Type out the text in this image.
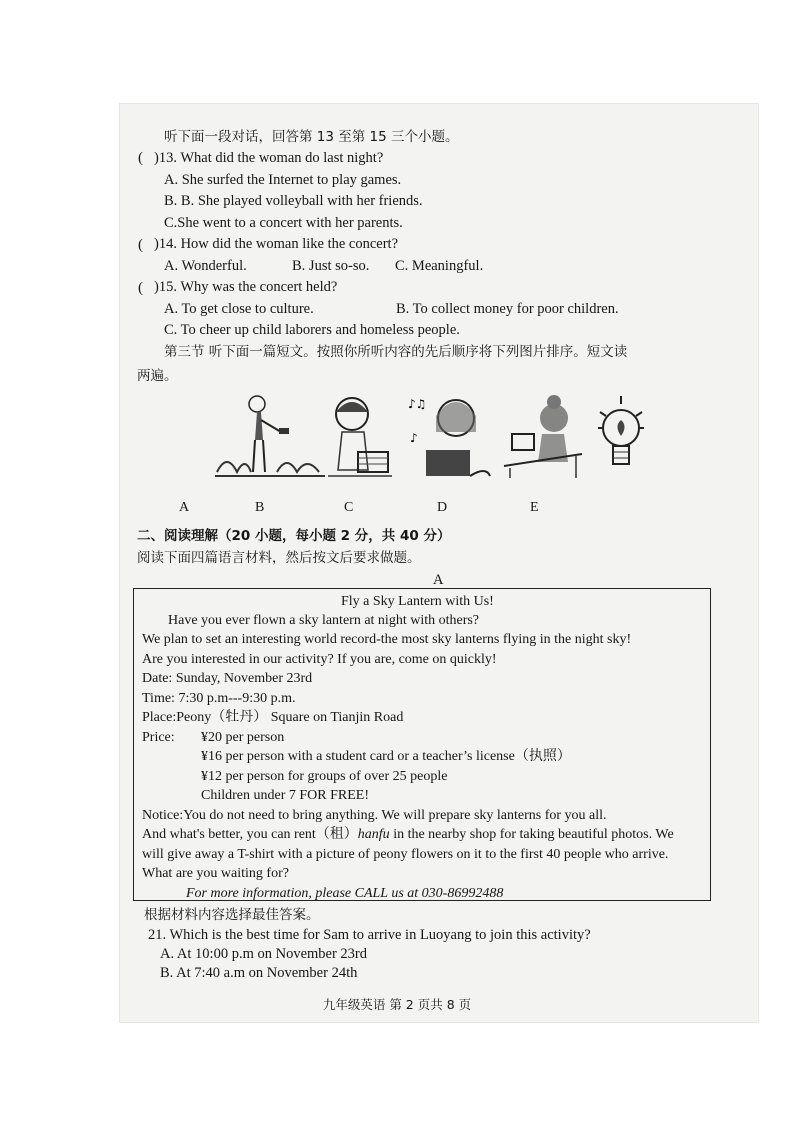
听下面一段对话，回答第 13 至第 15 三个小题。
( )13. What did the woman do last night?
A. She surfed the Internet to play games.
B. B. She played volleyball with her friends.
C.She went to a concert with her parents.
( )14. How did the woman like the concert?
A. Wonderful.	B. Just so-so. C. Meaningful.
( )15. Why was the concert held?
A. To get close to culture.	B. To collect money for poor children.
C. To cheer up child laborers and homeless people.
第三节 听下面一篇短文。按照你所听内容的先后顺序将下列图片排序。短文读
两遍。
♪♫
♪
A	B	C	D	E
二、阅读理解（20 小题，每小题 2 分，共 40 分）
阅读下面四篇语言材料，然后按文后要求做题。
A
Fly a Sky Lantern with Us!
Have you ever flown a sky lantern at night with others?
We plan to set an interesting world record-the most sky lanterns flying in the night sky!
Are you interested in our activity? If you are, come on quickly!
Date: Sunday, November 23rd
Time: 7:30 p.m---9:30 p.m.
Place:Peony（牡丹） Square on Tianjin Road
Price: ¥20 per person
¥16 per person with a student card or a teacher’s license（执照）
¥12 per person for groups of over 25 people
Children under 7 FOR FREE!
Notice:You do not need to bring anything. We will prepare sky lanterns for you all.
And what's better, you can rent（租）hanfu in the nearby shop for taking beautiful photos. We
will give away a T-shirt with a picture of peony flowers on it to the first 40 people who arrive.
What are you waiting for?
For more information, please CALL us at 030-86992488
根据材料内容选择最佳答案。
21. Which is the best time for Sam to arrive in Luoyang to join this activity?
A. At 10:00 p.m on November 23rd
B. At 7:40 a.m on November 24th
九年级英语 第 2 页共 8 页
